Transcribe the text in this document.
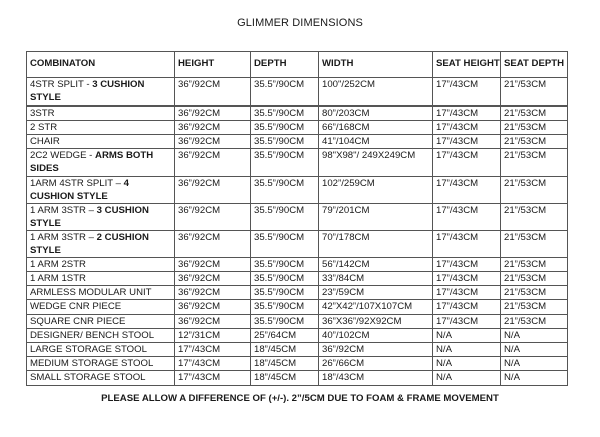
GLIMMER DIMENSIONS
COMBINATON	HEIGHT	DEPTH	WIDTH	SEAT HEIGHT	SEAT DEPTH
4STR SPLIT - 3 CUSHION STYLE	36”/92CM	35.5”/90CM	100"/252CM	17”/43CM	21”/53CM
3STR	36”/92CM	35.5”/90CM	80”/203CM	17”/43CM	21”/53CM
2 STR	36”/92CM	35.5”/90CM	66”/168CM	17”/43CM	21”/53CM
CHAIR	36”/92CM	35.5”/90CM	41”/104CM	17”/43CM	21”/53CM
2C2 WEDGE - ARMS BOTH SIDES	36”/92CM	35.5”/90CM	98"X98"/ 249X249CM	17”/43CM	21”/53CM
1ARM 4STR SPLIT – 4 CUSHION STYLE	36”/92CM	35.5”/90CM	102”/259CM	17”/43CM	21”/53CM
1 ARM 3STR – 3 CUSHION STYLE	36”/92CM	35.5”/90CM	79”/201CM	17”/43CM	21”/53CM
1 ARM 3STR – 2 CUSHION STYLE	36”/92CM	35.5”/90CM	70”/178CM	17”/43CM	21”/53CM
1 ARM 2STR	36”/92CM	35.5”/90CM	56”/142CM	17”/43CM	21”/53CM
1 ARM 1STR	36”/92CM	35.5”/90CM	33”/84CM	17”/43CM	21”/53CM
ARMLESS MODULAR UNIT	36”/92CM	35.5”/90CM	23”/59CM	17”/43CM	21”/53CM
WEDGE CNR PIECE	36”/92CM	35.5”/90CM	42”X42”/107X107CM	17”/43CM	21”/53CM
SQUARE CNR PIECE	36”/92CM	35.5”/90CM	36”X36”/92X92CM	17”/43CM	21”/53CM
DESIGNER/ BENCH STOOL	12”/31CM	25”/64CM	40”/102CM	N/A	N/A
LARGE STORAGE STOOL	17”/43CM	18”/45CM	36”/92CM	N/A	N/A
MEDIUM STORAGE STOOL	17”/43CM	18”/45CM	26”/66CM	N/A	N/A
SMALL STORAGE STOOL	17”/43CM	18”/45CM	18”/43CM	N/A	N/A
PLEASE ALLOW A DIFFERENCE OF (+/-). 2”/5CM DUE TO FOAM & FRAME MOVEMENT
